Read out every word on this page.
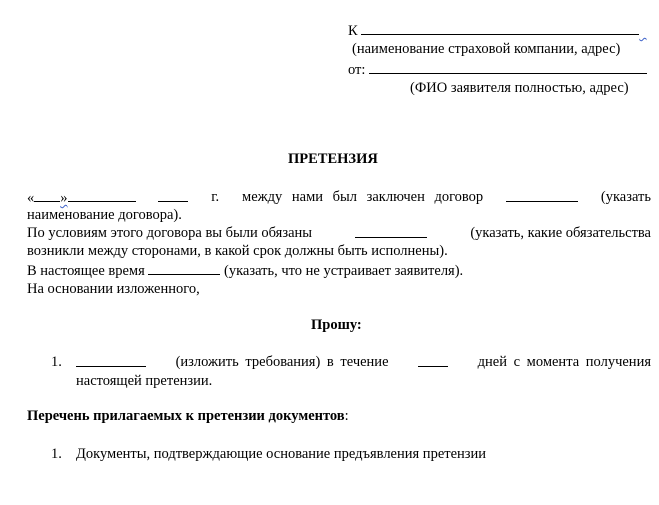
К
(наименование страховой компании, адрес)
от:
(ФИО заявителя полностью, адрес)
ПРЕТЕНЗИЯ
« »	г. между нами был заключен договор	(указать
наименование договора).
По условиям этого договора вы были обязаны	(указать, какие обязательства
возникли между сторонами, в какой срок должны быть исполнены).
В настоящее время	(указать, что не устраивает заявителя).
На основании изложенного,
Прошу:
1.	(изложить требования) в течение	дней с момента получения
настоящей претензии.
Перечень прилагаемых к претензии документов:
1. Документы, подтверждающие основание предъявления претензии
